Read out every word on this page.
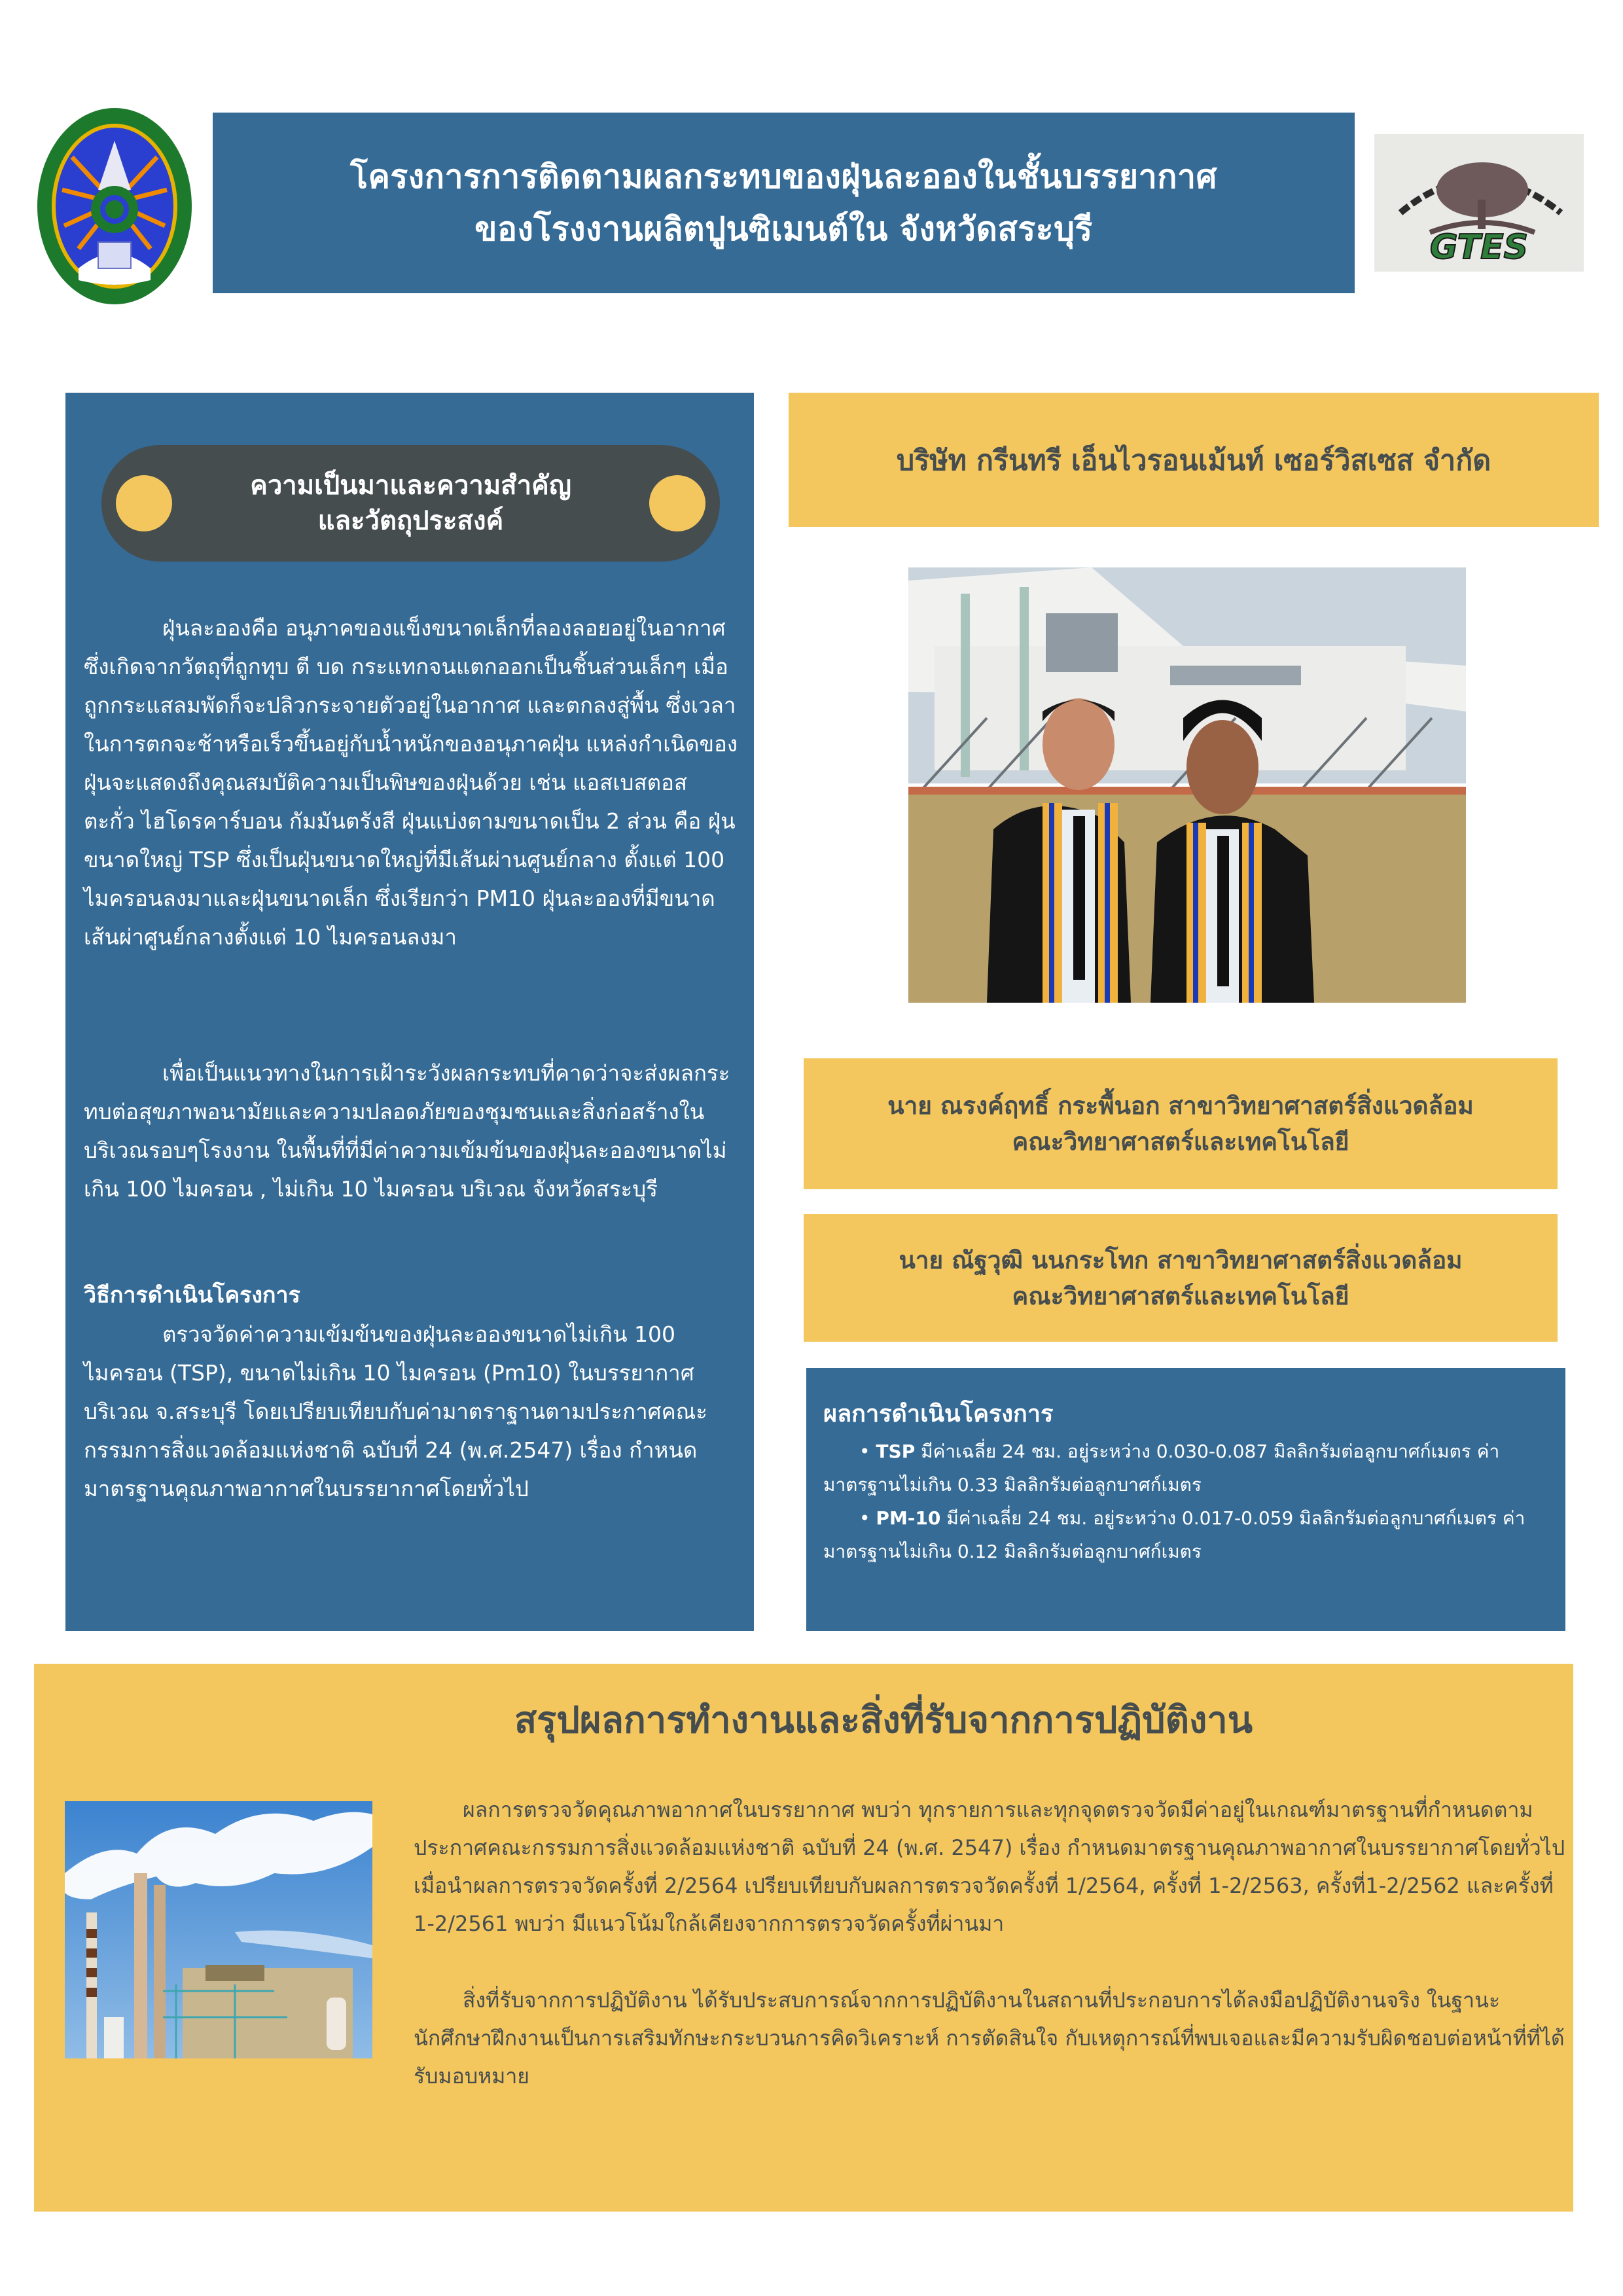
โครงการการติดตามผลกระทบของฝุ่นละอองในชั้นบรรยากาศ
ของโรงงานผลิตปูนซิเมนต์ใน จังหวัดสระบุรี	GTES
ความเป็นมาและความสำคัญ
และวัตถุประสงค์
ฝุ่นละอองคือ อนุภาคของแข็งขนาดเล็กที่ลองลอยอยู่ในอากาศ ซึ่งเกิดจากวัตถุที่ถูกทุบ ตี บด กระแทกจนแตกออกเป็นชิ้นส่วนเล็กๆ เมื่อถูกกระแสลมพัดก็จะปลิวกระจายตัวอยู่ในอากาศ และตกลงสู่พื้น ซึ่งเวลาในการตกจะช้าหรือเร็วขึ้นอยู่กับน้ำหนักของอนุภาคฝุ่น แหล่งกำเนิดของฝุ่นจะแสดงถึงคุณสมบัติความเป็นพิษของฝุ่นด้วย เช่น แอสเบสตอส ตะกั่ว ไฮโดรคาร์บอน กัมมันตรังสี ฝุ่นแบ่งตามขนาดเป็น 2 ส่วน คือ ฝุ่นขนาดใหญ่ TSP ซึ่งเป็นฝุ่นขนาดใหญ่ที่มีเส้นผ่านศูนย์กลาง ตั้งแต่ 100 ไมครอนลงมาและฝุ่นขนาดเล็ก ซึ่งเรียกว่า PM10 ฝุ่นละอองที่มีขนาดเส้นผ่าศูนย์กลางตั้งแต่ 10 ไมครอนลงมา
เพื่อเป็นแนวทางในการเฝ้าระวังผลกระทบที่คาดว่าจะส่งผลกระทบต่อสุขภาพอนามัยและความปลอดภัยของชุมชนและสิ่งก่อสร้างในบริเวณรอบๆโรงงาน ในพื้นที่ที่มีค่าความเข้มข้นของฝุ่นละอองขนาดไม่เกิน 100 ไมครอน , ไม่เกิน 10 ไมครอน บริเวณ จังหวัดสระบุรี
วิธีการดำเนินโครงการ
ตรวจวัดค่าความเข้มข้นของฝุ่นละอองขนาดไม่เกิน 100 ไมครอน (TSP), ขนาดไม่เกิน 10 ไมครอน (Pm10) ในบรรยากาศ บริเวณ จ.สระบุรี โดยเปรียบเทียบกับค่ามาตราฐานตามประกาศคณะกรรมการสิ่งแวดล้อมแห่งชาติ ฉบับที่ 24 (พ.ศ.2547) เรื่อง กำหนดมาตรฐานคุณภาพอากาศในบรรยากาศโดยทั่วไป
บริษัท กรีนทรี เอ็นไวรอนเม้นท์ เซอร์วิสเซส จำกัด
นาย ณรงค์ฤทธิ์ กระพื้นอก สาขาวิทยาศาสตร์สิ่งแวดล้อม
คณะวิทยาศาสตร์และเทคโนโลยี
นาย ณัฐวุฒิ นนกระโทก สาขาวิทยาศาสตร์สิ่งแวดล้อม
คณะวิทยาศาสตร์และเทคโนโลยี
ผลการดำเนินโครงการ
• TSP มีค่าเฉลี่ย 24 ชม. อยู่ระหว่าง 0.030-0.087 มิลลิกรัมต่อลูกบาศก์เมตร ค่ามาตรฐานไม่เกิน 0.33 มิลลิกรัมต่อลูกบาศก์เมตร
• PM-10 มีค่าเฉลี่ย 24 ชม. อยู่ระหว่าง 0.017-0.059 มิลลิกรัมต่อลูกบาศก์เมตร ค่ามาตรฐานไม่เกิน 0.12 มิลลิกรัมต่อลูกบาศก์เมตร
สรุปผลการทำงานและสิ่งที่รับจากการปฏิบัติงาน
ผลการตรวจวัดคุณภาพอากาศในบรรยากาศ พบว่า ทุกรายการและทุกจุดตรวจวัดมีค่าอยู่ในเกณฑ์มาตรฐานที่กำหนดตามประกาศคณะกรรมการสิ่งแวดล้อมแห่งชาติ ฉบับที่ 24 (พ.ศ. 2547) เรื่อง กำหนดมาตรฐานคุณภาพอากาศในบรรยากาศโดยทั่วไป เมื่อนำผลการตรวจวัดครั้งที่ 2/2564 เปรียบเทียบกับผลการตรวจวัดครั้งที่ 1/2564, ครั้งที่ 1-2/2563, ครั้งที่1-2/2562 และครั้งที่ 1-2/2561 พบว่า มีแนวโน้มใกล้เคียงจากการตรวจวัดครั้งที่ผ่านมา
สิ่งที่รับจากการปฏิบัติงาน ได้รับประสบการณ์จากการปฏิบัติงานในสถานที่ประกอบการได้ลงมือปฏิบัติงานจริง ในฐานะนักศึกษาฝึกงานเป็นการเสริมทักษะกระบวนการคิดวิเคราะห์ การตัดสินใจ กับเหตุการณ์ที่พบเจอและมีความรับผิดชอบต่อหน้าที่ที่ได้รับมอบหมาย
